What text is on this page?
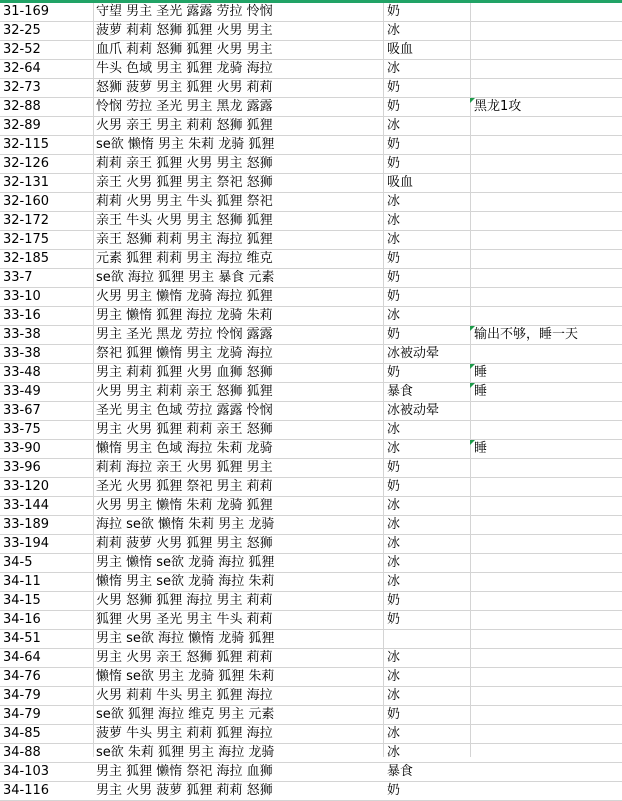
31-169	守望 男主 圣光 露露 劳拉 怜悯	奶
32-25	菠萝 莉莉 怒狮 狐狸 火男 男主	冰
32-52	血爪 莉莉 怒狮 狐狸 火男 男主	吸血
32-64	牛头 色域 男主 狐狸 龙骑 海拉	冰
32-73	怒狮 菠萝 男主 狐狸 火男 莉莉	奶
32-88	怜悯 劳拉 圣光 男主 黑龙 露露	奶	黑龙1攻
32-89	火男 亲王 男主 莉莉 怒狮 狐狸	冰
32-115	se欲 懒惰 男主 朱莉 龙骑 狐狸	奶
32-126	莉莉 亲王 狐狸 火男 男主 怒狮	奶
32-131	亲王 火男 狐狸 男主 祭祀 怒狮	吸血
32-160	莉莉 火男 男主 牛头 狐狸 祭祀	冰
32-172	亲王 牛头 火男 男主 怒狮 狐狸	冰
32-175	亲王 怒狮 莉莉 男主 海拉 狐狸	冰
32-185	元素 狐狸 莉莉 男主 海拉 维克	奶
33-7	se欲 海拉 狐狸 男主 暴食 元素	奶
33-10	火男 男主 懒惰 龙骑 海拉 狐狸	奶
33-16	男主 懒惰 狐狸 海拉 龙骑 朱莉	冰
33-38	男主 圣光 黑龙 劳拉 怜悯 露露	奶	输出不够，睡一天
33-38	祭祀 狐狸 懒惰 男主 龙骑 海拉	冰被动晕
33-48	男主 莉莉 狐狸 火男 血狮 怒狮	奶	睡
33-49	火男 男主 莉莉 亲王 怒狮 狐狸	暴食	睡
33-67	圣光 男主 色域 劳拉 露露 怜悯	冰被动晕
33-75	男主 火男 狐狸 莉莉 亲王 怒狮	冰
33-90	懒惰 男主 色域 海拉 朱莉 龙骑	冰	睡
33-96	莉莉 海拉 亲王 火男 狐狸 男主	奶
33-120	圣光 火男 狐狸 祭祀 男主 莉莉	奶
33-144	火男 男主 懒惰 朱莉 龙骑 狐狸	冰
33-189	海拉 se欲 懒惰 朱莉 男主 龙骑	冰
33-194	莉莉 菠萝 火男 狐狸 男主 怒狮	冰
34-5	男主 懒惰 se欲 龙骑 海拉 狐狸	冰
34-11	懒惰 男主 se欲 龙骑 海拉 朱莉	冰
34-15	火男 怒狮 狐狸 海拉 男主 莉莉	奶
34-16	狐狸 火男 圣光 男主 牛头 莉莉	奶
34-51	男主 se欲 海拉 懒惰 龙骑 狐狸
34-64	男主 火男 亲王 怒狮 狐狸 莉莉	冰
34-76	懒惰 se欲 男主 龙骑 狐狸 朱莉	冰
34-79	火男 莉莉 牛头 男主 狐狸 海拉	冰
34-79	se欲 狐狸 海拉 维克 男主 元素	奶
34-85	菠萝 牛头 男主 莉莉 狐狸 海拉	冰
34-88	se欲 朱莉 狐狸 男主 海拉 龙骑	冰
34-103	男主 狐狸 懒惰 祭祀 海拉 血狮	暴食
34-116	男主 火男 菠萝 狐狸 莉莉 怒狮	奶
